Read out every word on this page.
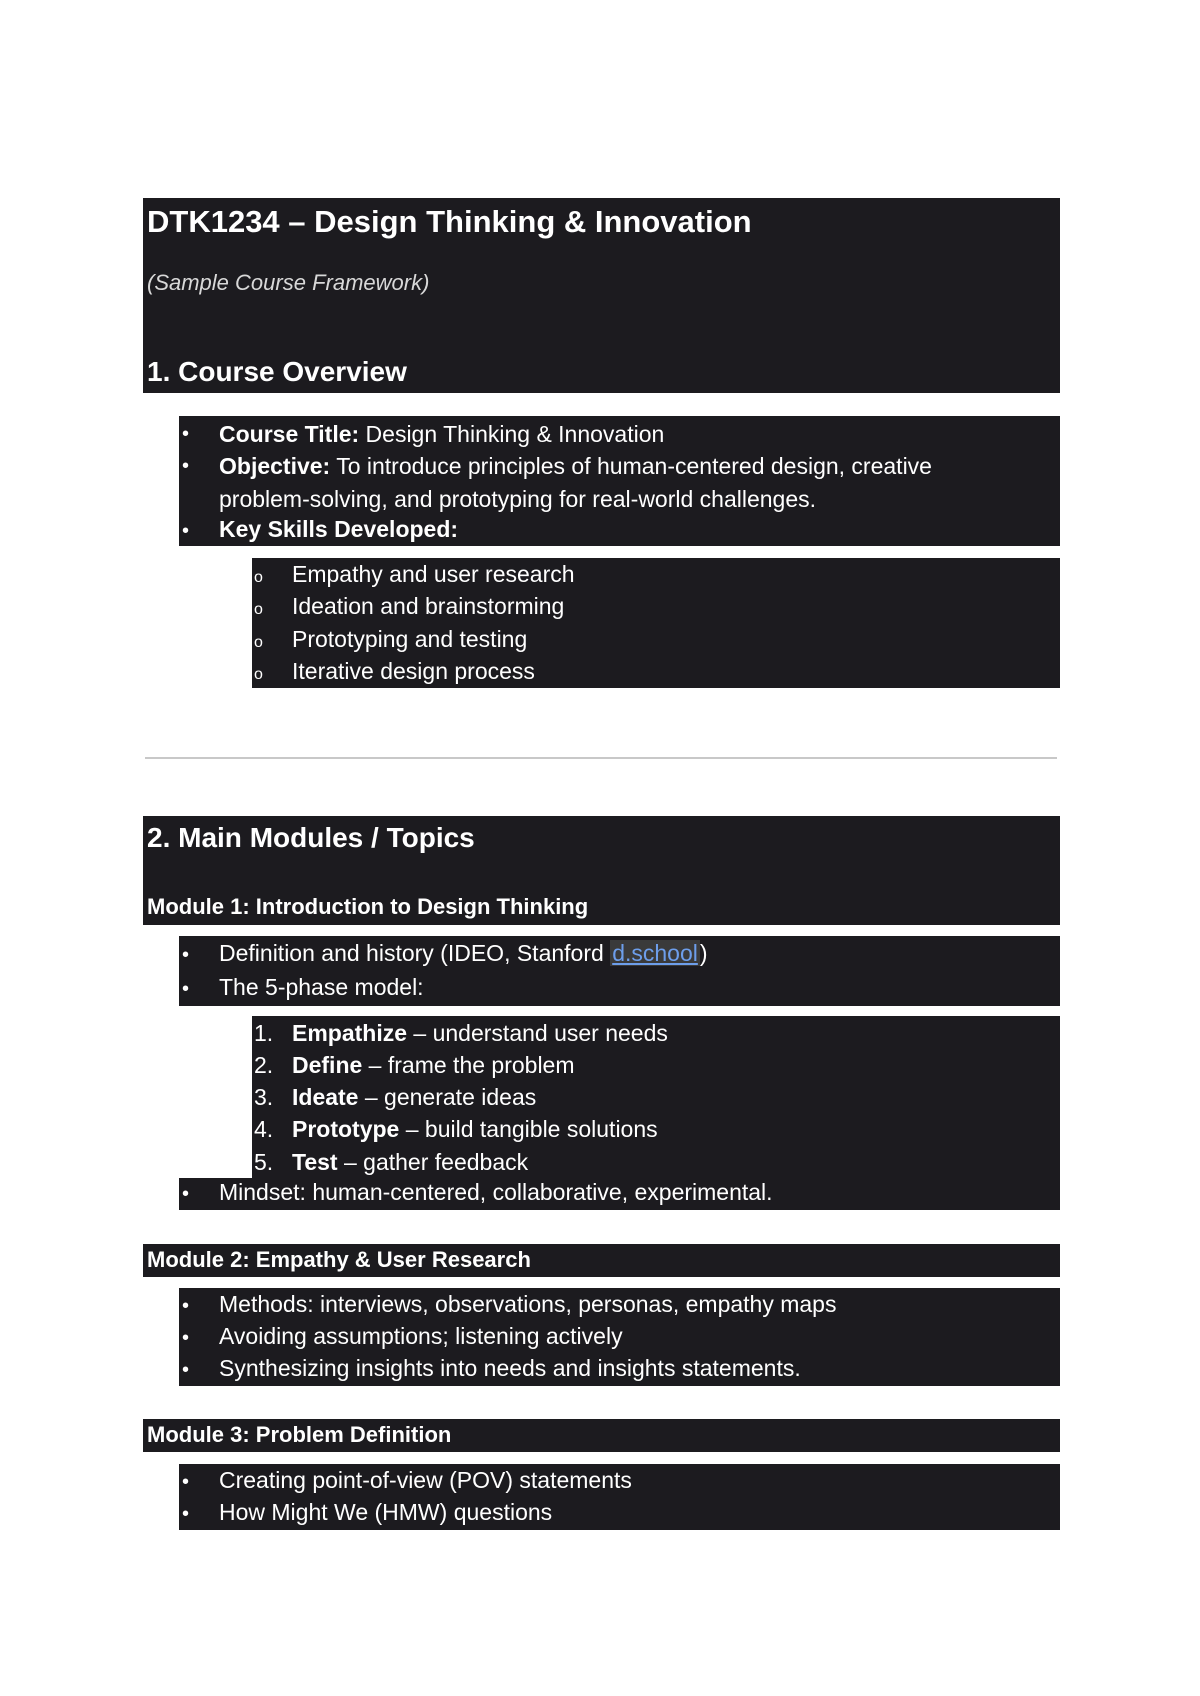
DTK1234 – Design Thinking & Innovation
(Sample Course Framework)
1. Course Overview
• Course Title: Design Thinking & Innovation
• Objective: To introduce principles of human-centered design, creative
problem-solving, and prototyping for real-world challenges.
• Key Skills Developed:
o Empathy and user research
o Ideation and brainstorming
o Prototyping and testing
o Iterative design process
2. Main Modules / Topics
Module 1: Introduction to Design Thinking
• Definition and history (IDEO, Stanford d.school)
• The 5-phase model:
1. Empathize – understand user needs
2. Define – frame the problem
3. Ideate – generate ideas
4. Prototype – build tangible solutions
5. Test – gather feedback
• Mindset: human-centered, collaborative, experimental.
Module 2: Empathy & User Research
• Methods: interviews, observations, personas, empathy maps
• Avoiding assumptions; listening actively
• Synthesizing insights into needs and insights statements.
Module 3: Problem Definition
• Creating point-of-view (POV) statements
• How Might We (HMW) questions
